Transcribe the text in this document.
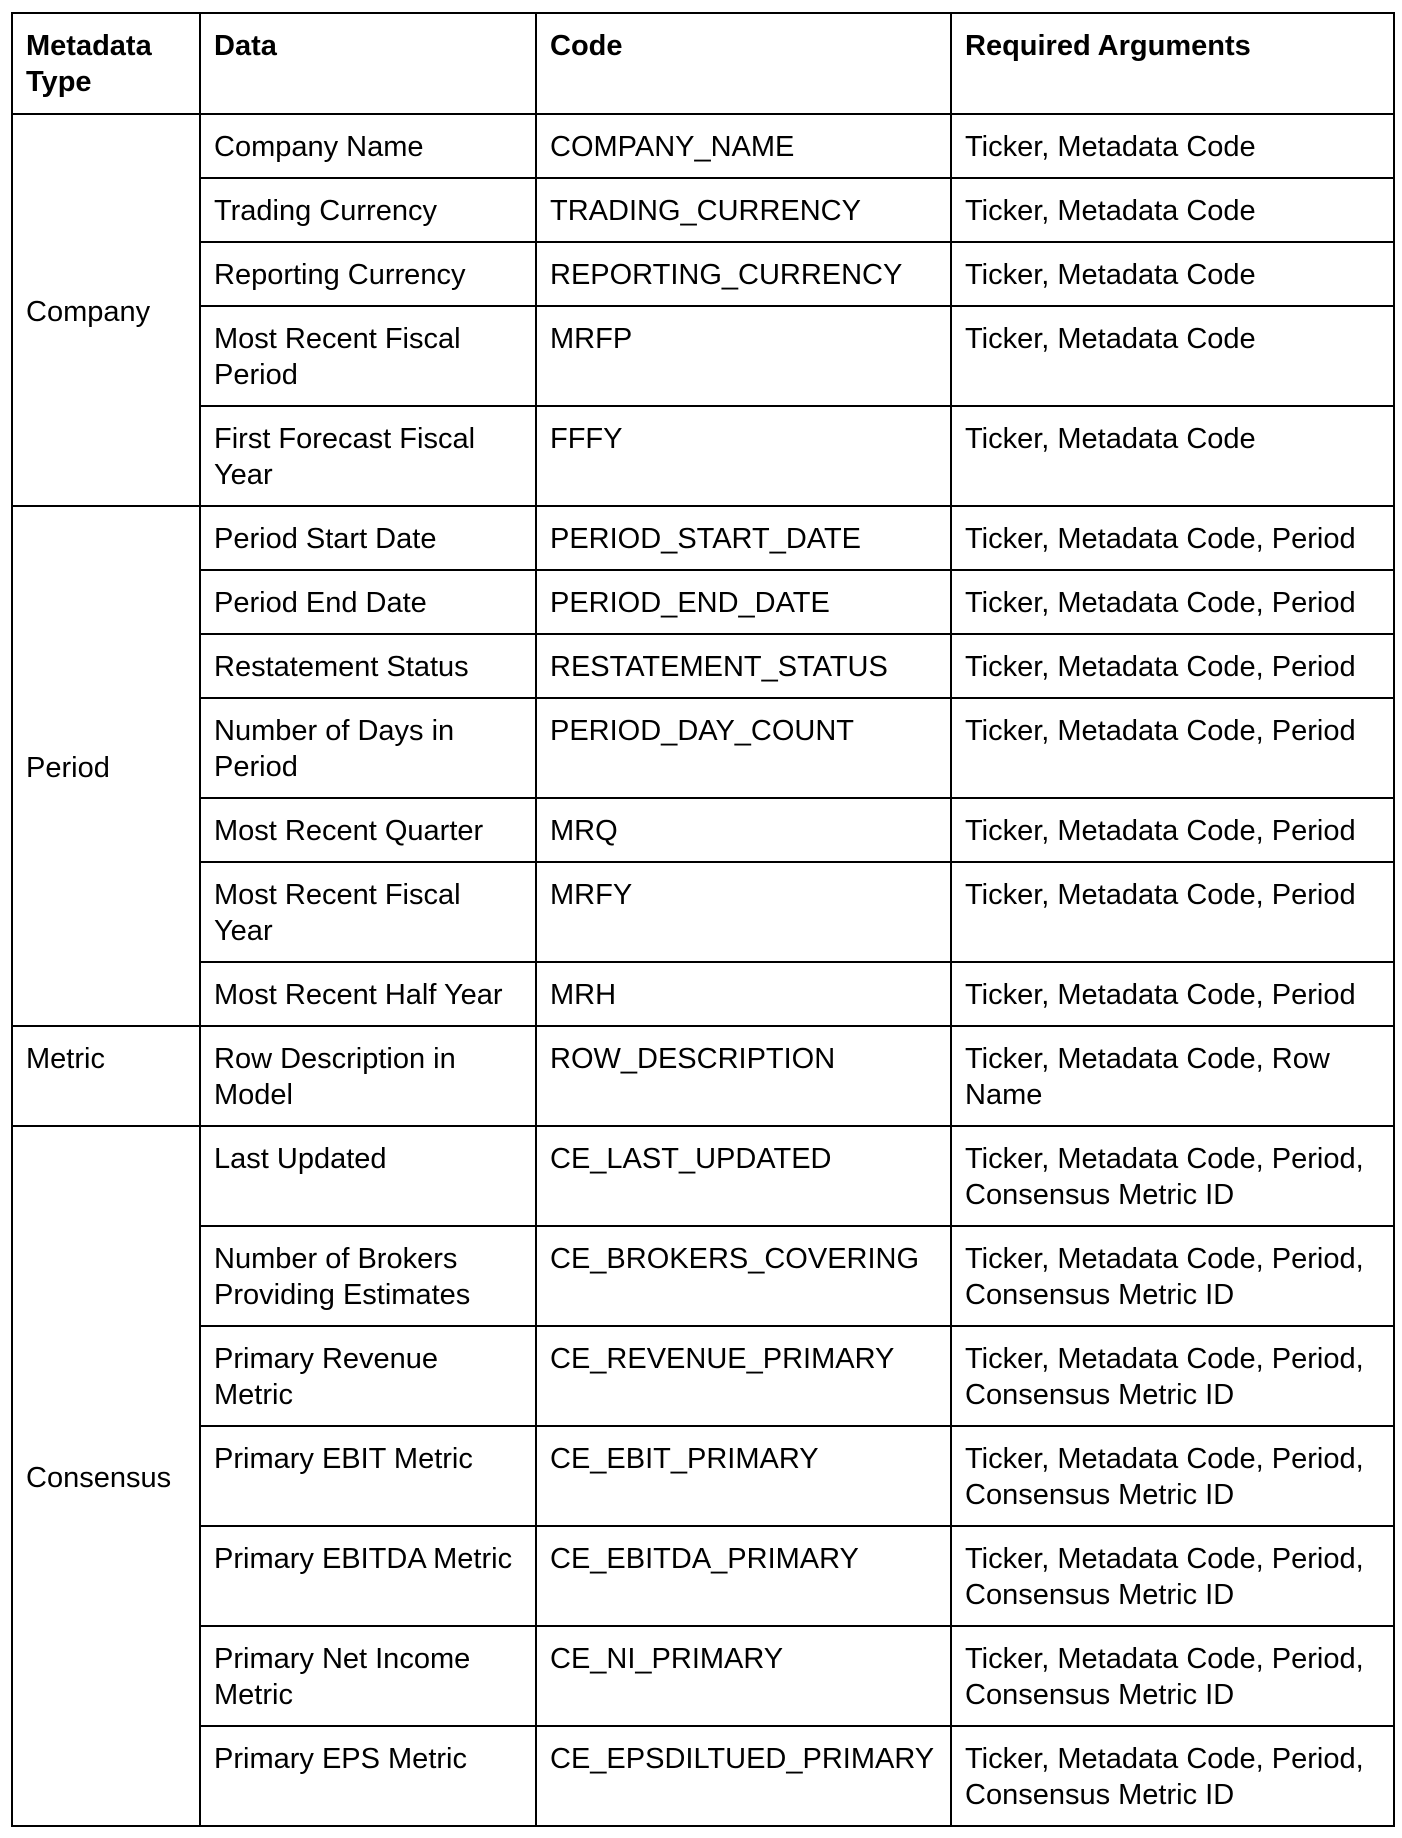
Metadata Type	Data	Code	Required Arguments
Company	Company Name	COMPANY_NAME	Ticker, Metadata Code
	Trading Currency	TRADING_CURRENCY	Ticker, Metadata Code
	Reporting Currency	REPORTING_CURRENCY	Ticker, Metadata Code
	Most Recent Fiscal Period	MRFP	Ticker, Metadata Code
	First Forecast Fiscal Year	FFFY	Ticker, Metadata Code
Period	Period Start Date	PERIOD_START_DATE	Ticker, Metadata Code, Period
	Period End Date	PERIOD_END_DATE	Ticker, Metadata Code, Period
	Restatement Status	RESTATEMENT_STATUS	Ticker, Metadata Code, Period
	Number of Days in Period	PERIOD_DAY_COUNT	Ticker, Metadata Code, Period
	Most Recent Quarter	MRQ	Ticker, Metadata Code, Period
	Most Recent Fiscal Year	MRFY	Ticker, Metadata Code, Period
	Most Recent Half Year	MRH	Ticker, Metadata Code, Period
Metric	Row Description in Model	ROW_DESCRIPTION	Ticker, Metadata Code, Row Name
Consensus	Last Updated	CE_LAST_UPDATED	Ticker, Metadata Code, Period, Consensus Metric ID
	Number of Brokers Providing Estimates	CE_BROKERS_COVERING	Ticker, Metadata Code, Period, Consensus Metric ID
	Primary Revenue Metric	CE_REVENUE_PRIMARY	Ticker, Metadata Code, Period, Consensus Metric ID
	Primary EBIT Metric	CE_EBIT_PRIMARY	Ticker, Metadata Code, Period, Consensus Metric ID
	Primary EBITDA Metric	CE_EBITDA_PRIMARY	Ticker, Metadata Code, Period, Consensus Metric ID
	Primary Net Income Metric	CE_NI_PRIMARY	Ticker, Metadata Code, Period, Consensus Metric ID
	Primary EPS Metric	CE_EPSDILTUED_PRIMARY	Ticker, Metadata Code, Period, Consensus Metric ID
